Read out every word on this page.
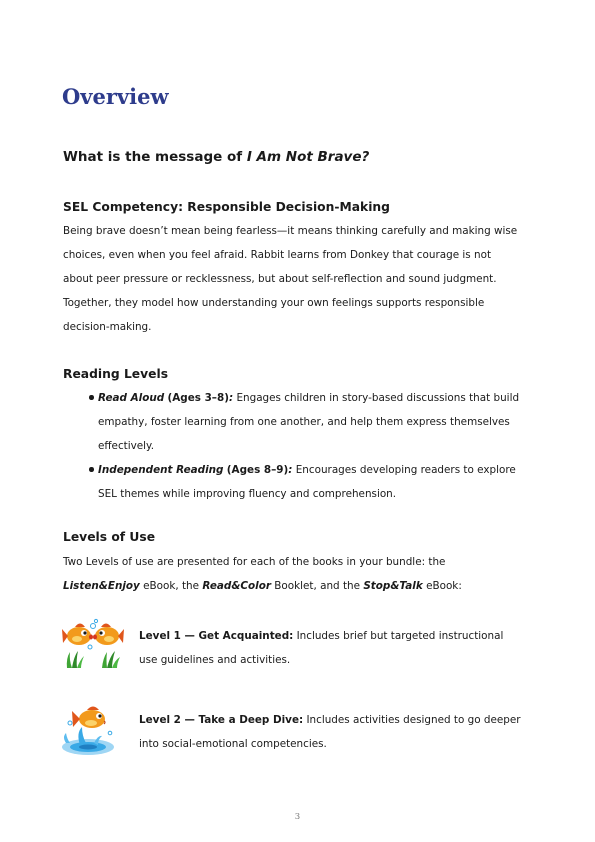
Overview
What is the message of I Am Not Brave?
SEL Competency: Responsible Decision-Making
Being brave doesn’t mean being fearless—it means thinking carefully and making wise
choices, even when you feel afraid. Rabbit learns from Donkey that courage is not
about peer pressure or recklessness, but about self-reflection and sound judgment.
Together, they model how understanding your own feelings supports responsible
decision-making.
Reading Levels
Read Aloud (Ages 3–8): Engages children in story-based discussions that build
empathy, foster learning from one another, and help them express themselves
effectively.
Independent Reading (Ages 8–9): Encourages developing readers to explore
SEL themes while improving fluency and comprehension.
Levels of Use
Two Levels of use are presented for each of the books in your bundle: the
Listen&Enjoy eBook, the Read&Color Booklet, and the Stop&Talk eBook:
Level 1 — Get Acquainted: Includes brief but targeted instructional
use guidelines and activities.
Level 2 — Take a Deep Dive: Includes activities designed to go deeper
into social-emotional competencies.
3
